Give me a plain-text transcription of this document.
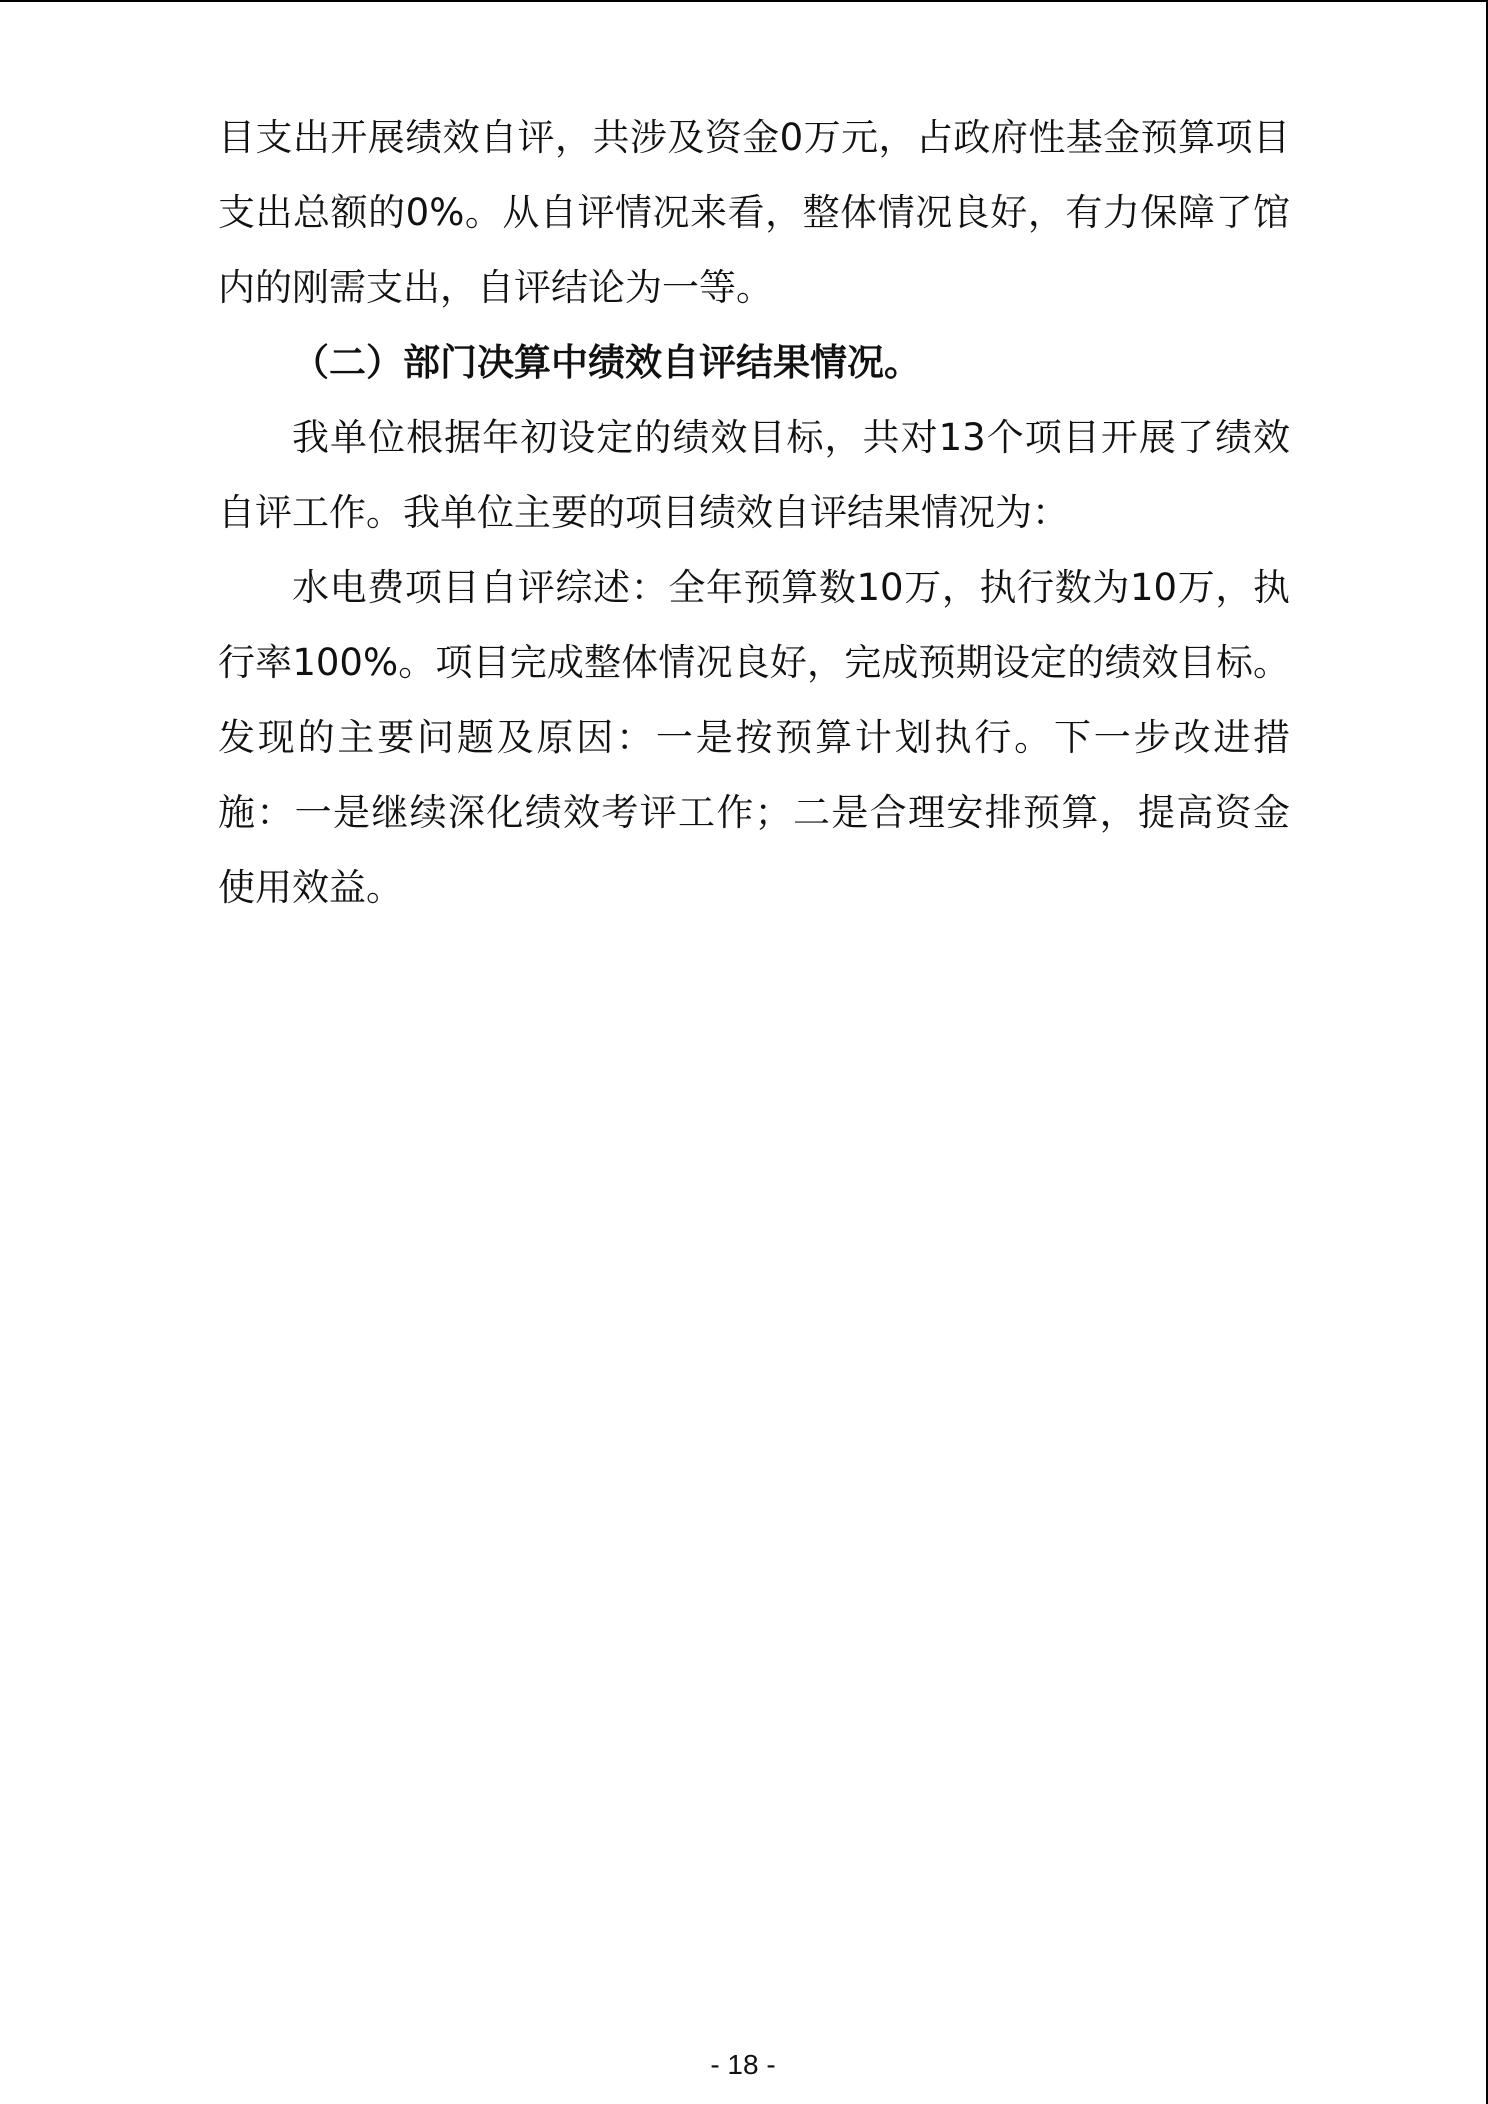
目支出开展绩效自评，共涉及资金0万元，占政府性基金预算项目支出总额的0%。从自评情况来看，整体情况良好，有力保障了馆内的刚需支出，自评结论为一等。

（二）部门决算中绩效自评结果情况。

我单位根据年初设定的绩效目标，共对13个项目开展了绩效自评工作。我单位主要的项目绩效自评结果情况为：

水电费项目自评综述：全年预算数10万，执行数为10万，执行率100%。项目完成整体情况良好，完成预期设定的绩效目标。发现的主要问题及原因：一是按预算计划执行。下一步改进措施：一是继续深化绩效考评工作；二是合理安排预算，提高资金使用效益。

- 18 -
